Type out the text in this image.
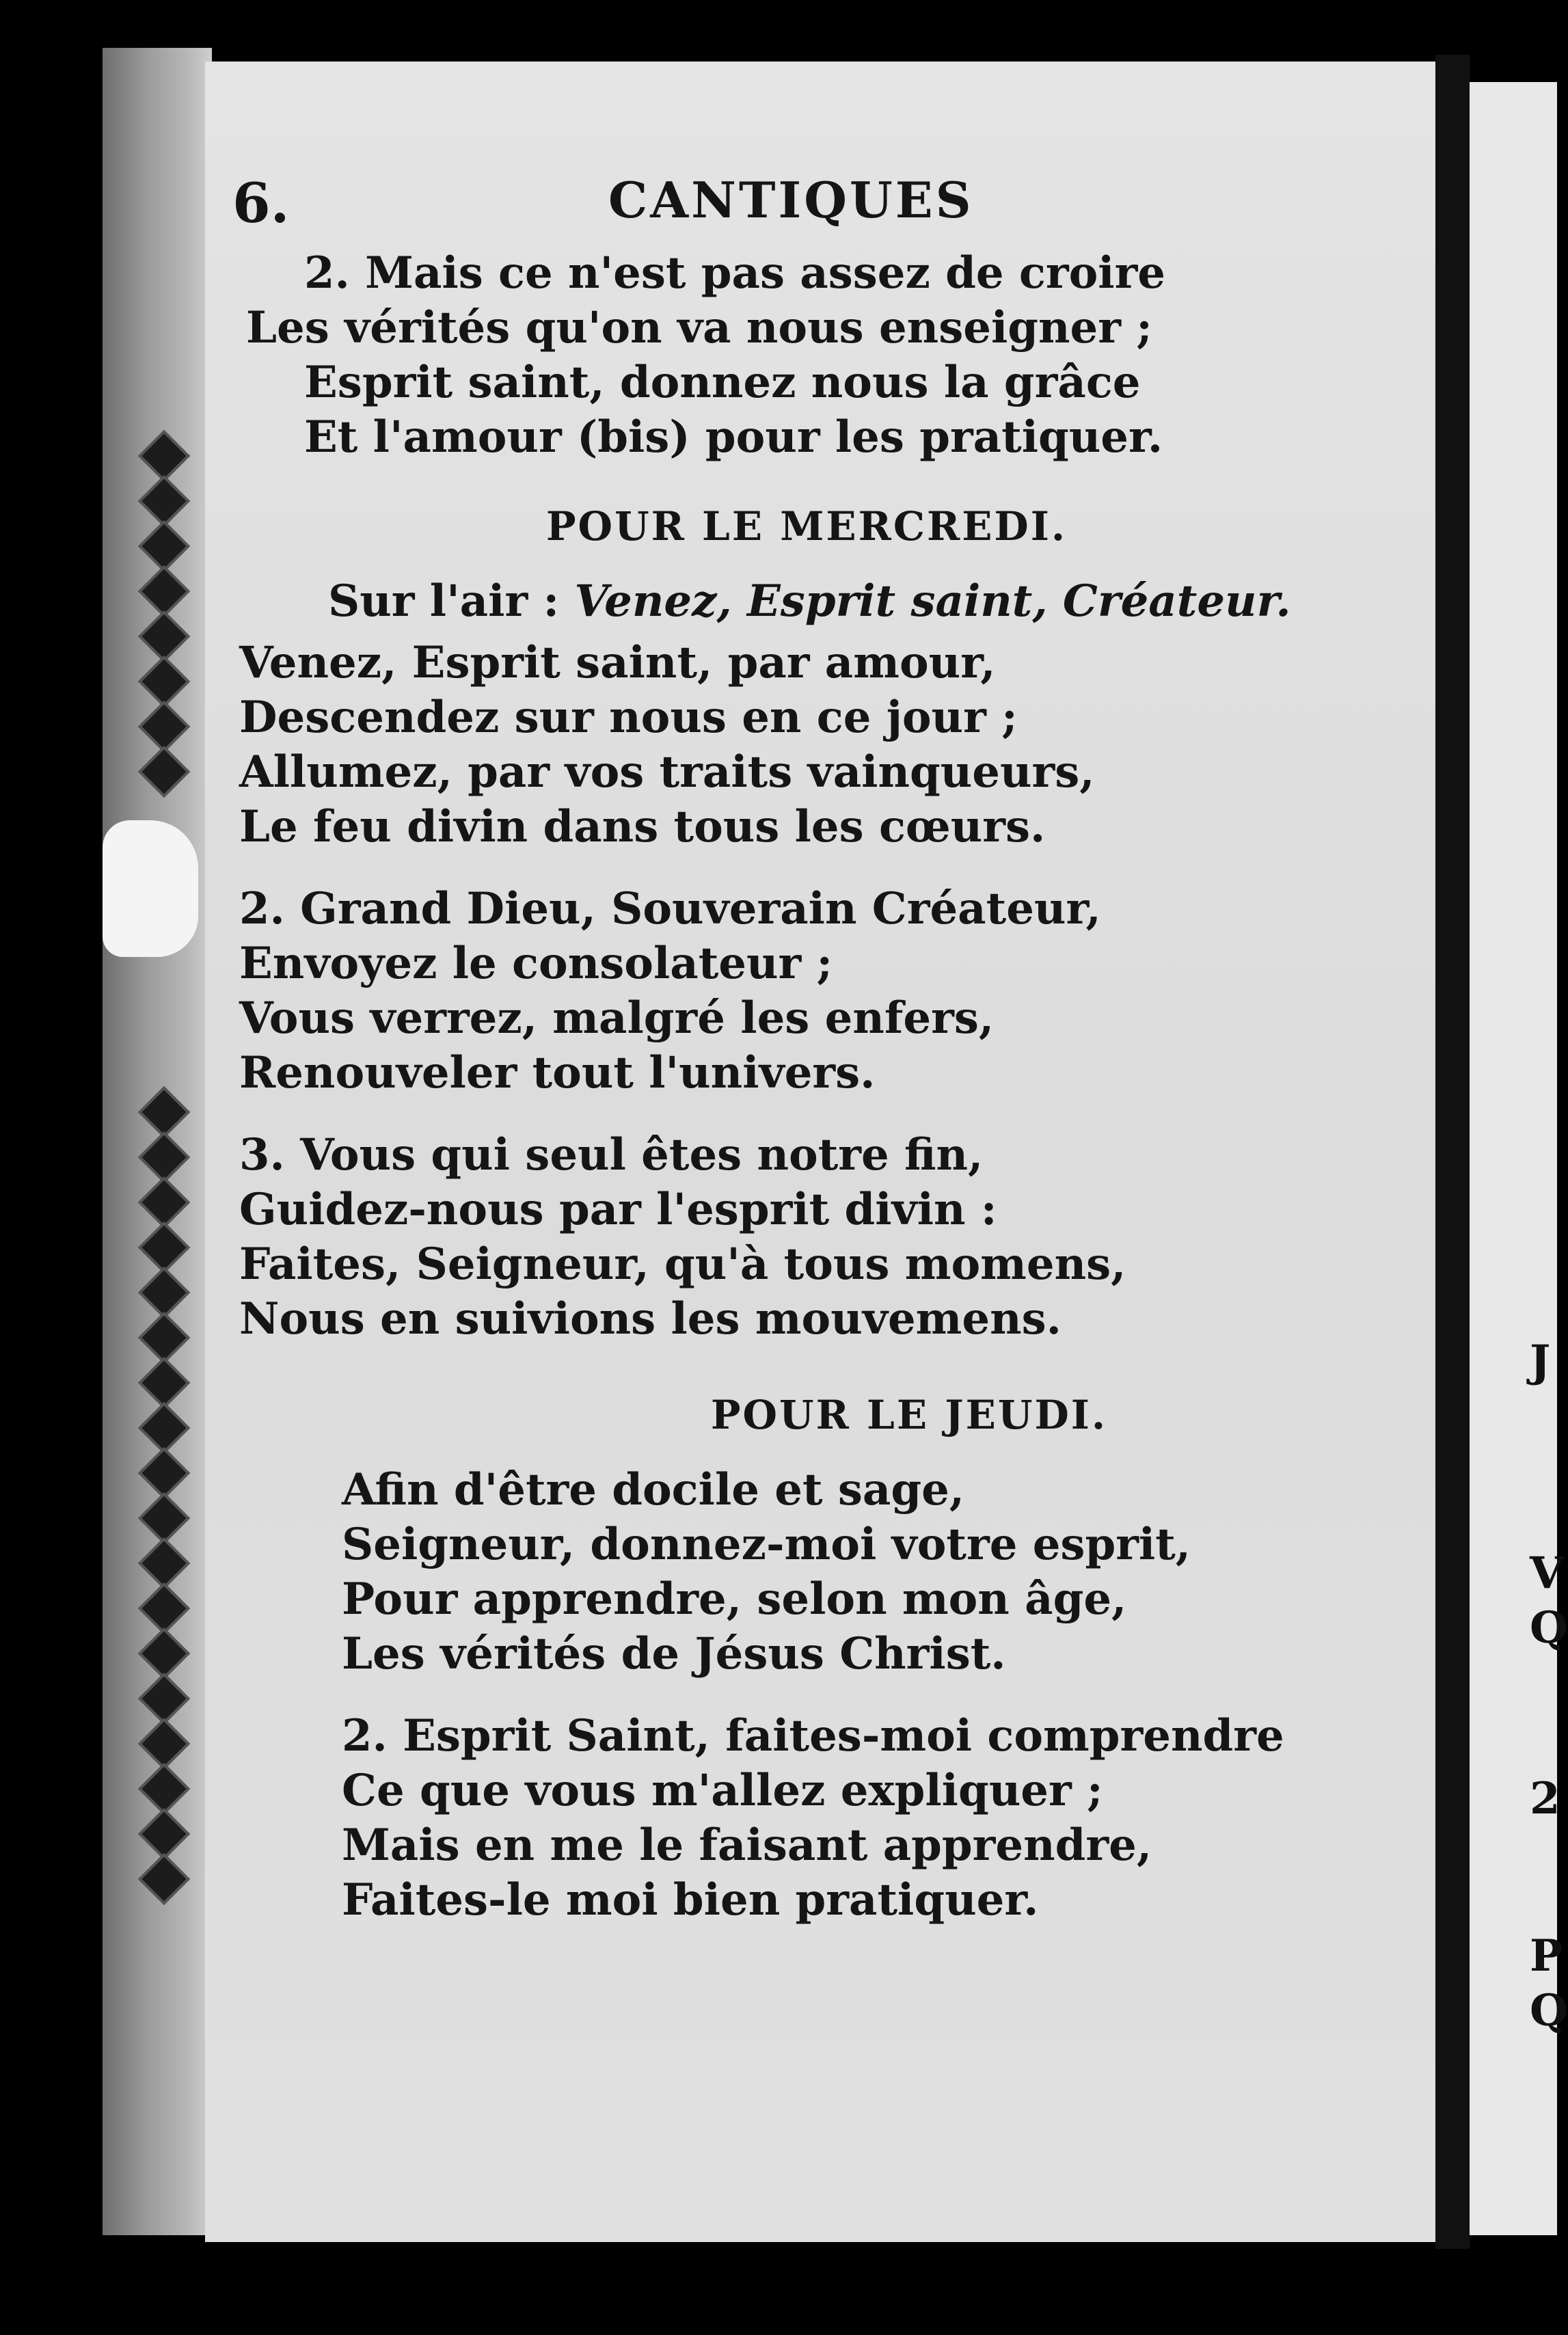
J
V
Q
2
P
Q
6.	CANTIQUES
2. Mais ce n'est pas assez de croire
Les vérités qu'on va nous enseigner ;
Esprit saint, donnez nous la grâce
Et l'amour (bis) pour les pratiquer.
POUR LE MERCREDI.
Sur l'air : Venez, Esprit saint, Créateur.
Venez, Esprit saint, par amour,
Descendez sur nous en ce jour ;
Allumez, par vos traits vainqueurs,
Le feu divin dans tous les cœurs.
2. Grand Dieu, Souverain Créateur,
Envoyez le consolateur ;
Vous verrez, malgré les enfers,
Renouveler tout l'univers.
3. Vous qui seul êtes notre fin,
Guidez-nous par l'esprit divin :
Faites, Seigneur, qu'à tous momens,
Nous en suivions les mouvemens.
POUR LE JEUDI.
Afin d'être docile et sage,
Seigneur, donnez-moi votre esprit,
Pour apprendre, selon mon âge,
Les vérités de Jésus Christ.
2. Esprit Saint, faites-moi comprendre
Ce que vous m'allez expliquer ;
Mais en me le faisant apprendre,
Faites-le moi bien pratiquer.
